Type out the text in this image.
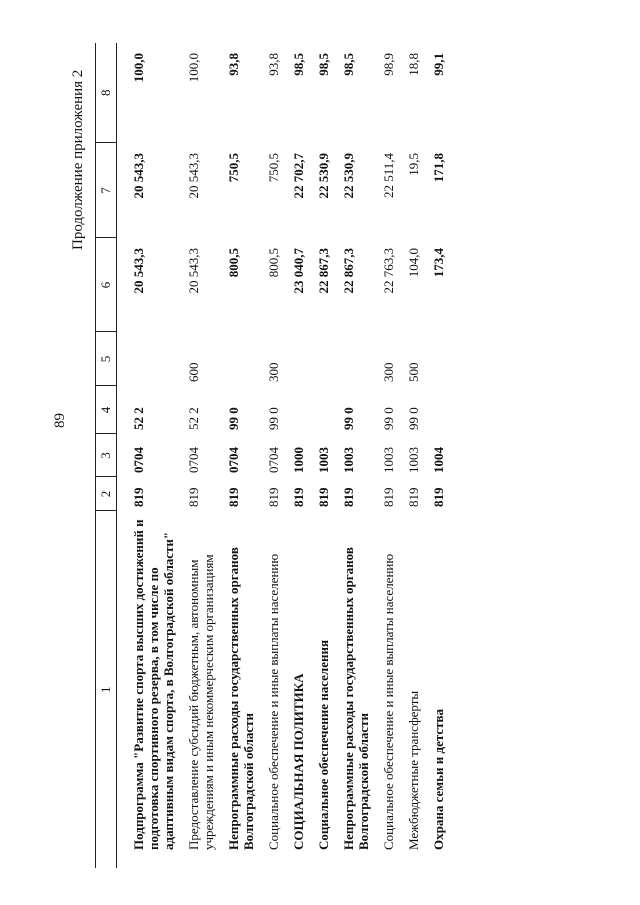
89
Продолжение приложения 2
1	2	3	4	5	6	7	8
Подпрограмма "Развитие спорта высших достижений и подготовка спортивного резерва, в том числе по адаптивным видам спорта, в Волгоградской области"	819	0704	52 2		20 543,3	20 543,3	100,0
Предоставление субсидий бюджетным, автономным учреждениям и иным некоммерческим организациям	819	0704	52 2	600	20 543,3	20 543,3	100,0
Непрограммные расходы государственных органов Волгоградской области	819	0704	99 0		800,5	750,5	93,8
Социальное обеспечение и иные выплаты населению	819	0704	99 0	300	800,5	750,5	93,8
СОЦИАЛЬНАЯ ПОЛИТИКА	819	1000			23 040,7	22 702,7	98,5
Социальное обеспечение населения	819	1003			22 867,3	22 530,9	98,5
Непрограммные расходы государственных органов Волгоградской области	819	1003	99 0		22 867,3	22 530,9	98,5
Социальное обеспечение и иные выплаты населению	819	1003	99 0	300	22 763,3	22 511,4	98,9
Межбюджетные трансферты	819	1003	99 0	500	104,0	19,5	18,8
Охрана семьи и детства	819	1004			173,4	171,8	99,1
